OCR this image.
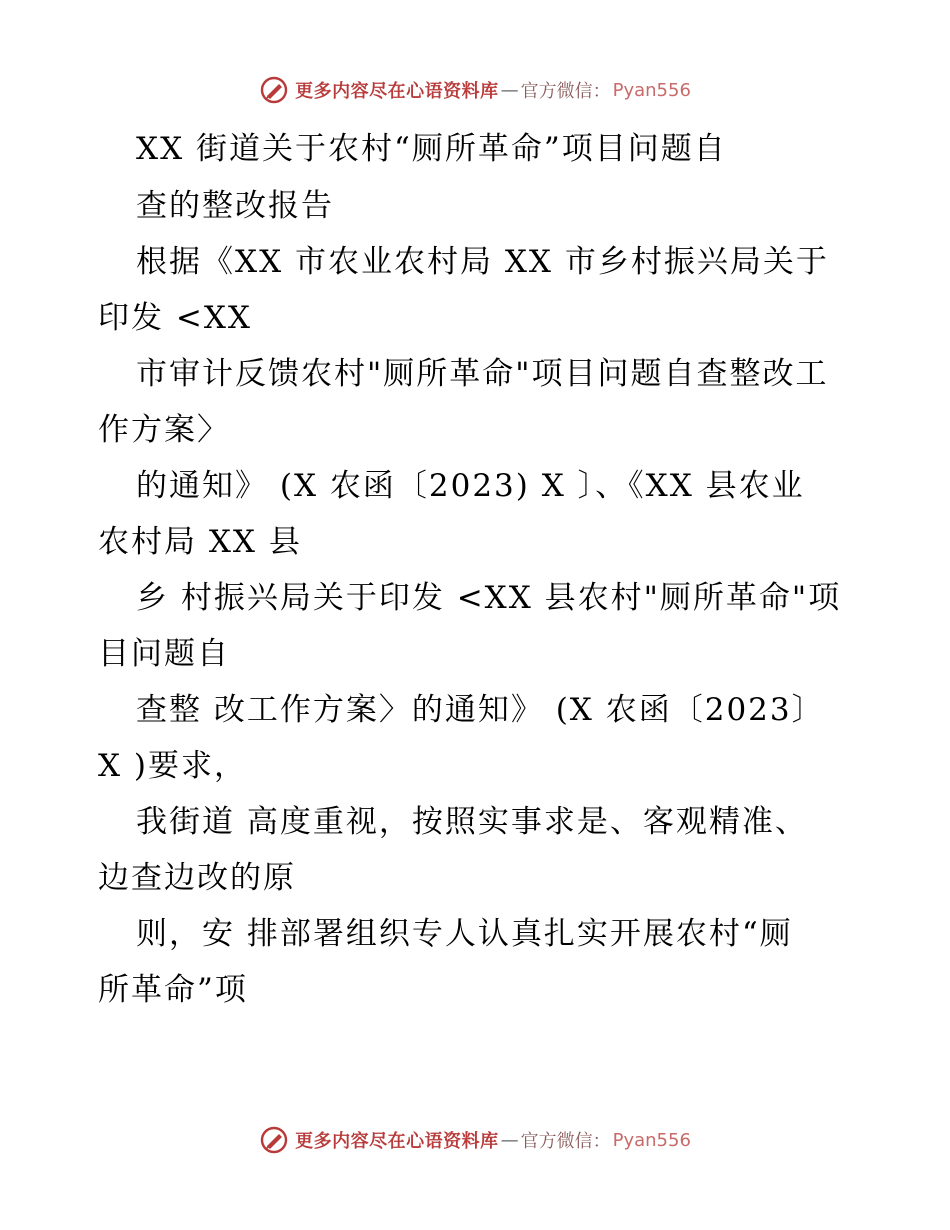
更多内容尽在心语资料库 — 官方微信： Pyan556
XX 街道关于农村“厕所革命”项目问题自
查的整改报告
根据《XX 市农业农村局 XX 市乡村振兴局关于
印发 <XX
市审计反馈农村"厕所革命"项目问题自查整改工
作方案〉
的通知》 (X 农函〔2023) X 〕、《XX 县农业
农村局 XX 县
乡 村振兴局关于印发 <XX 县农村"厕所革命"项
目问题自
查整 改工作方案〉的通知》 (X 农函〔2023〕
X )要求，
我街道 高度重视，按照实事求是、客观精准、
边查边改的原
则，安 排部署组织专人认真扎实开展农村“厕
所革命”项
更多内容尽在心语资料库 — 官方微信： Pyan556
